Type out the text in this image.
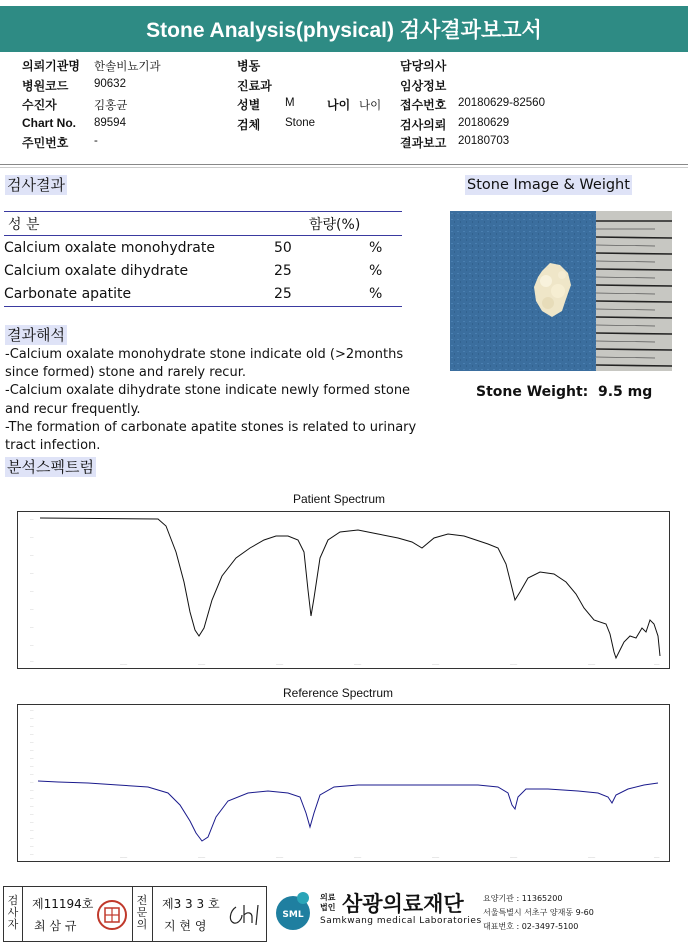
Stone Analysis(physical) 검사결과보고서
의뢰기관명 한솔비뇨기과
병원코드 90632
수진자	김홍균
Chart No. 89594
주민번호 -
병동
진료과
성별 M	나이 나이
검체 Stone
담당의사
임상정보
접수번호 20180629-82560
검사의뢰 20180629
결과보고 20180703
검사결과
성 분	함량(%)	
Calcium oxalate monohydrate	50	%
Calcium oxalate dihydrate	25	%
Carbonate apatite	25	%
Stone Image & Weight
Stone Weight: 9.5 mg
결과해석
-Calcium oxalate monohydrate stone indicate old (>2months since formed) stone and rarely recur.
-Calcium oxalate dihydrate stone indicate newly formed stone and recur frequently.
-The formation of carbonate apatite stones is related to urinary tract infection.
분석스펙트럼
Patient Spectrum
——
——
——
——
——
——
——
——
——
————	————	————	————	————	————	————	———
Reference Spectrum
——
——
——
——
——
——
——
——
——
——
——
——
——
——
——
——
——
——
——
————	————	————	————	————	————	————	———
검사자
제11194호
최 삼 규
전문의
제3 3 3 호
지 현 영
SML
의료
법인 삼광의료재단
Samkwang medical Laboratories
요양기관 : 11365200
서울특별시 서초구 양재동 9-60
대표번호 : 02-3497-5100
